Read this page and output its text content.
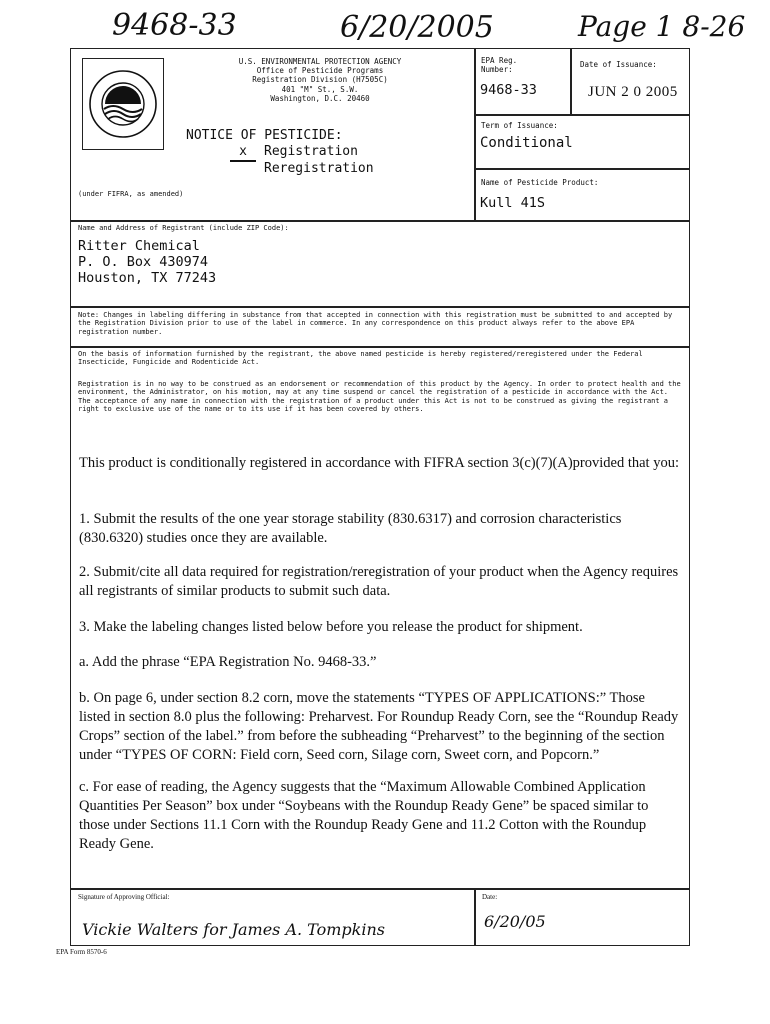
9468-33	6/20/2005	Page 1 8-26
U.S. ENVIRONMENTAL PROTECTION AGENCY
Office of Pesticide Programs
Registration Division (H7505C)
401 "M" St., S.W.
Washington, D.C. 20460
NOTICE OF PESTICIDE:
x	Registration
Reregistration
(under FIFRA, as amended)
EPA Reg.
Number:
9468-33
Date of Issuance:
JUN 2 0 2005
Term of Issuance:
Conditional
Name of Pesticide Product:
Kull 41S
Name and Address of Registrant (include ZIP Code):
Ritter Chemical
P. O. Box 430974
Houston, TX 77243
Note: Changes in labeling differing in substance from that accepted in connection with this registration must be submitted to and accepted by the Registration Division prior to use of the label in commerce. In any correspondence on this product always refer to the above EPA registration number.
On the basis of information furnished by the registrant, the above named pesticide is hereby registered/reregistered under the Federal Insecticide, Fungicide and Rodenticide Act.
Registration is in no way to be construed as an endorsement or recommendation of this product by the Agency. In order to protect health and the environment, the Administrator, on his motion, may at any time suspend or cancel the registration of a pesticide in accordance with the Act. The acceptance of any name in connection with the registration of a product under this Act is not to be construed as giving the registrant a right to exclusive use of the name or to its use if it has been covered by others.
This product is conditionally registered in accordance with FIFRA section 3(c)(7)(A)provided that you:
1. Submit the results of the one year storage stability (830.6317) and corrosion characteristics (830.6320) studies once they are available.
2. Submit/cite all data required for registration/reregistration of your product when the Agency requires all registrants of similar products to submit such data.
3. Make the labeling changes listed below before you release the product for shipment.
a. Add the phrase “EPA Registration No. 9468-33.”
b. On page 6, under section 8.2 corn, move the statements “TYPES OF APPLICATIONS:” Those listed in section 8.0 plus the following: Preharvest. For Roundup Ready Corn, see the “Roundup Ready Crops” section of the label.” from before the subheading “Preharvest” to the beginning of the section under “TYPES OF CORN: Field corn, Seed corn, Silage corn, Sweet corn, and Popcorn.”
c. For ease of reading, the Agency suggests that the “Maximum Allowable Combined Application Quantities Per Season” box under “Soybeans with the Roundup Ready Gene” be spaced similar to those under Sections 11.1 Corn with the Roundup Ready Gene and 11.2 Cotton with the Roundup Ready Gene.
Signature of Approving Official:
Vickie Walters for James A. Tompkins
Date:
6/20/05
EPA Form 8570-6
